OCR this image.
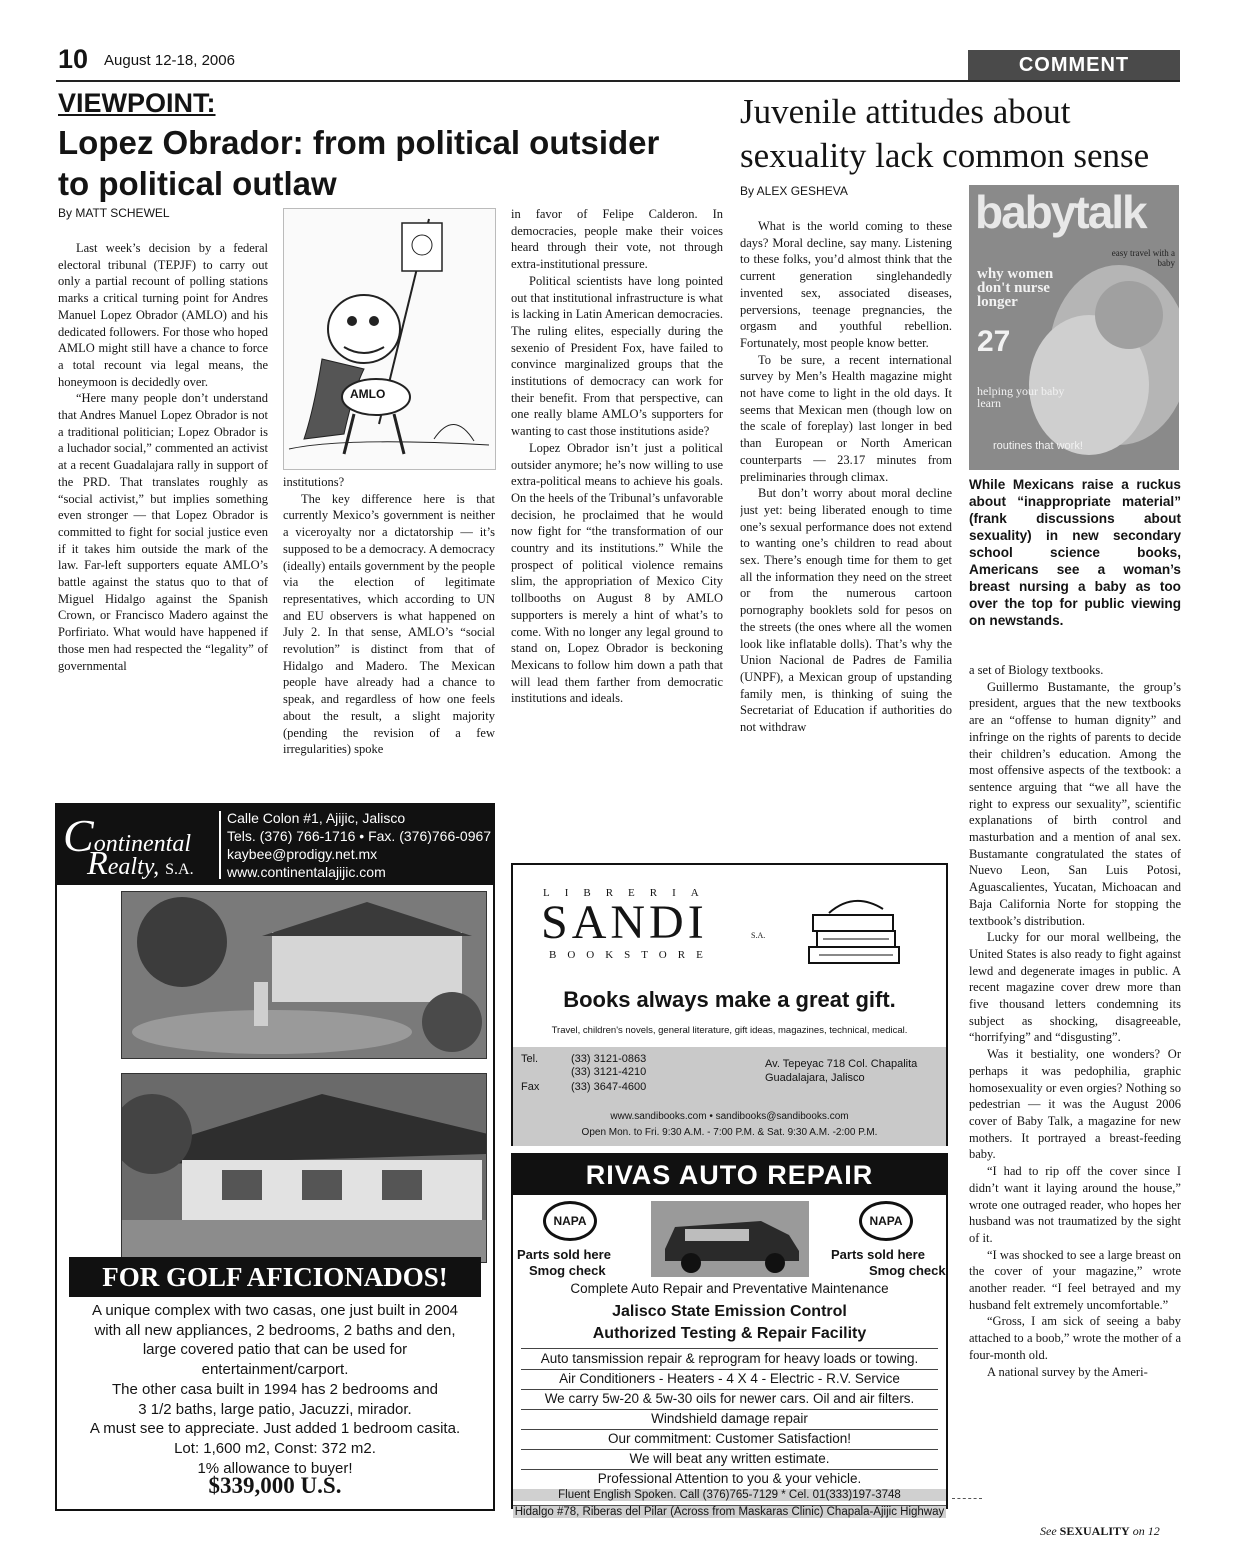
10 August 12-18, 2006	COMMENT
VIEWPOINT:
Lopez Obrador: from political outsider to political outlaw
By MATT SCHEWEL

Last week’s decision by a federal electoral tribunal (TEPJF) to carry out only a partial recount of polling stations marks a critical turning point for Andres Manuel Lopez Obrador (AMLO) and his dedicated followers. For those who hoped AMLO might still have a chance to force a total recount via legal means, the honeymoon is decidedly over.

“Here many people don’t understand that Andres Manuel Lopez Obrador is not a traditional politician; Lopez Obrador is a luchador social,” commented an activist at a recent Guadalajara rally in support of the PRD. That translates roughly as “social activist,” but implies something even stronger — that Lopez Obrador is committed to fight for social justice even if it takes him outside the mark of the law. Far-left supporters equate AMLO’s battle against the status quo to that of Miguel Hidalgo against the Spanish Crown, or Francisco Madero against the Porfiriato. What would have happened if those men had respected the “legality” of governmental

AMLO

institutions?

The key difference here is that currently Mexico’s government is neither a viceroyalty nor a dictatorship — it’s supposed to be a democracy. A democracy (ideally) entails government by the people via the election of legitimate representatives, which according to UN and EU observers is what happened on July 2. In that sense, AMLO’s “social revolution” is distinct from that of Hidalgo and Madero. The Mexican people have already had a chance to speak, and regardless of how one feels about the result, a slight majority (pending the revision of a few irregularities) spoke

in favor of Felipe Calderon. In democracies, people make their voices heard through their vote, not through extra-institutional pressure.

Political scientists have long pointed out that institutional infrastructure is what is lacking in Latin American democracies. The ruling elites, especially during the sexenio of President Fox, have failed to convince marginalized groups that the institutions of democracy can work for their benefit. From that perspective, can one really blame AMLO’s supporters for wanting to cast those institutions aside?

Lopez Obrador isn’t just a political outsider anymore; he’s now willing to use extra-political means to achieve his goals. On the heels of the Tribunal’s unfavorable decision, he proclaimed that he would now fight for “the transformation of our country and its institutions.” While the prospect of political violence remains slim, the appropriation of Mexico City tollbooths on August 8 by AMLO supporters is merely a hint of what’s to come. With no longer any legal ground to stand on, Lopez Obrador is beckoning Mexicans to follow him down a path that will lead them farther from democratic institutions and ideals.

Juvenile attitudes about sexuality lack common sense
By ALEX GESHEVA

What is the world coming to these days? Moral decline, say many. Listening to these folks, you’d almost think that the current generation singlehandedly invented sex, associated diseases, perversions, teenage pregnancies, the orgasm and youthful rebellion. Fortunately, most people know better.

To be sure, a recent international survey by Men’s Health magazine might not have come to light in the old days. It seems that Mexican men (though low on the scale of foreplay) last longer in bed than European or North American counterparts — 23.17 minutes from preliminaries through climax.

But don’t worry about moral decline just yet: being liberated enough to time one’s sexual performance does not extend to wanting one’s children to read about sex. There’s enough time for them to get all the information they need on the street or from the numerous cartoon pornography booklets sold for pesos on the streets (the ones where all the women look like inflatable dolls). That’s why the Union Nacional de Padres de Familia (UNPF), a Mexican group of upstanding family men, is thinking of suing the Secretariat of Education if authorities do not withdraw

babytalk
easy travel with a baby
why women don't nurse longer
27
helping your baby learn
routines that work!
While Mexicans raise a ruckus about “inappropriate material” (frank discussions about sexuality) in new secondary school science books, Americans see a woman’s breast nursing a baby as too over the top for public viewing on newstands.

a set of Biology textbooks.

Guillermo Bustamante, the group’s president, argues that the new textbooks are an “offense to human dignity” and infringe on the rights of parents to decide their children’s education. Among the most offensive aspects of the textbook: a sentence arguing that “we all have the right to express our sexuality”, scientific explanations of birth control and masturbation and a mention of anal sex. Bustamante congratulated the states of Nuevo Leon, San Luis Potosi, Aguascalientes, Yucatan, Michoacan and Baja California Norte for stopping the textbook’s distribution.

Lucky for our moral wellbeing, the United States is also ready to fight against lewd and degenerate images in public. A recent magazine cover drew more than five thousand letters condemning its subject as shocking, disagreeable, “horrifying” and “disgusting”.

Was it bestiality, one wonders? Or perhaps it was pedophilia, graphic homosexuality or even orgies? Nothing so pedestrian — it was the August 2006 cover of Baby Talk, a magazine for new mothers. It portrayed a breast-feeding baby.

“I had to rip off the cover since I didn’t want it laying around the house,” wrote one outraged reader, who hopes her husband was not traumatized by the sight of it.

“I was shocked to see a large breast on the cover of your magazine,” wrote another reader. “I feel betrayed and my husband felt extremely uncomfortable.”

“Gross, I am sick of seeing a baby attached to a boob,” wrote the mother of a four-month old.

A national survey by the Ameri-

See SEXUALITY on 12
Continental
Realty, S.A.
Calle Colon #1, Ajijic, Jalisco
Tels. (376) 766-1716 • Fax. (376)766-0967
kaybee@prodigy.net.mx
www.continentalajijic.com
FOR GOLF AFICIONADOS!
A unique complex with two casas, one just built in 2004
with all new appliances, 2 bedrooms, 2 baths and den,
large covered patio that can be used for
entertainment/carport.
The other casa built in 1994 has 2 bedrooms and
3 1/2 baths, large patio, Jacuzzi, mirador.
A must see to appreciate. Just added 1 bedroom casita.
Lot: 1,600 m2, Const: 372 m2.
1% allowance to buyer!
$339,000 U.S.
LIBRERIA
SANDI	S.A.
BOOKSTORE
Books always make a great gift.
Travel, children's novels, general literature, gift ideas, magazines, technical, medical.
Tel.	(33) 3121-0863
(33) 3121-4210
Fax	(33) 3647-4600
Av. Tepeyac 718 Col. Chapalita
Guadalajara, Jalisco
www.sandibooks.com • sandibooks@sandibooks.com
Open Mon. to Fri. 9:30 A.M. - 7:00 P.M. & Sat. 9:30 A.M. -2:00 P.M.
RIVAS AUTO REPAIR
NAPA	NAPA
Parts sold here
Smog check
Parts sold here
Smog check
Complete Auto Repair and Preventative Maintenance
Jalisco State Emission Control
Authorized Testing & Repair Facility
Auto tansmission repair & reprogram for heavy loads or towing.
Air Conditioners - Heaters - 4 X 4 - Electric - R.V. Service
We carry 5w-20 & 5w-30 oils for newer cars. Oil and air filters.
Windshield damage repair
Our commitment: Customer Satisfaction!
We will beat any written estimate.
Professional Attention to you & your vehicle.
Fluent English Spoken. Call (376)765-7129 * Cel. 01(333)197-3748
Hidalgo #78, Riberas del Pilar (Across from Maskaras Clinic) Chapala-Ajijic Highway
